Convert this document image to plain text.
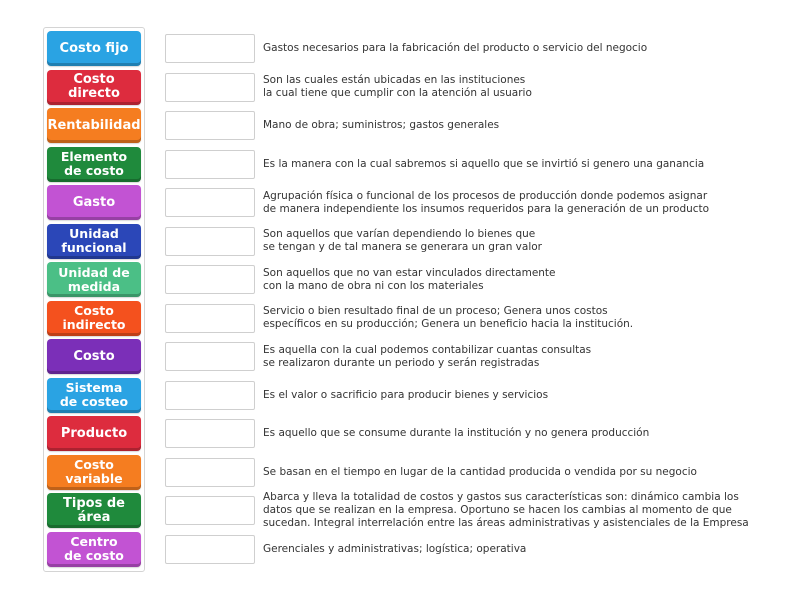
Gastos necesarios para la fabricación del producto o servicio del negocio
Son las cuales están ubicadas en las instituciones
la cual tiene que cumplir con la atención al usuario
Mano de obra; suministros; gastos generales
Es la manera con la cual sabremos si aquello que se invirtió si genero una ganancia
Agrupación física o funcional de los procesos de producción donde podemos asignar
de manera independiente los insumos requeridos para la generación de un producto
Son aquellos que varían dependiendo lo bienes que
se tengan y de tal manera se generara un gran valor
Son aquellos que no van estar vinculados directamente
con la mano de obra ni con los materiales
Servicio o bien resultado final de un proceso; Genera unos costos
específicos en su producción; Genera un beneficio hacia la institución.
Es aquella con la cual podemos contabilizar cuantas consultas
se realizaron durante un periodo y serán registradas
Es el valor o sacrificio para producir bienes y servicios
Es aquello que se consume durante la institución y no genera producción
Se basan en el tiempo en lugar de la cantidad producida o vendida por su negocio
Abarca y lleva la totalidad de costos y gastos sus características son: dinámico cambia los
datos que se realizan en la empresa. Oportuno se hacen los cambias al momento de que
sucedan. Integral interrelación entre las áreas administrativas y asistenciales de la Empresa
Gerenciales y administrativas; logística; operativa
Costo fijo
Costo directo
Rentabilidad
Elemento
de costo
Gasto
Unidad
funcional
Unidad de
medida
Costo
indirecto
Costo
Sistema
de costeo
Producto
Costo
variable
Tipos de área
Centro
de costo
